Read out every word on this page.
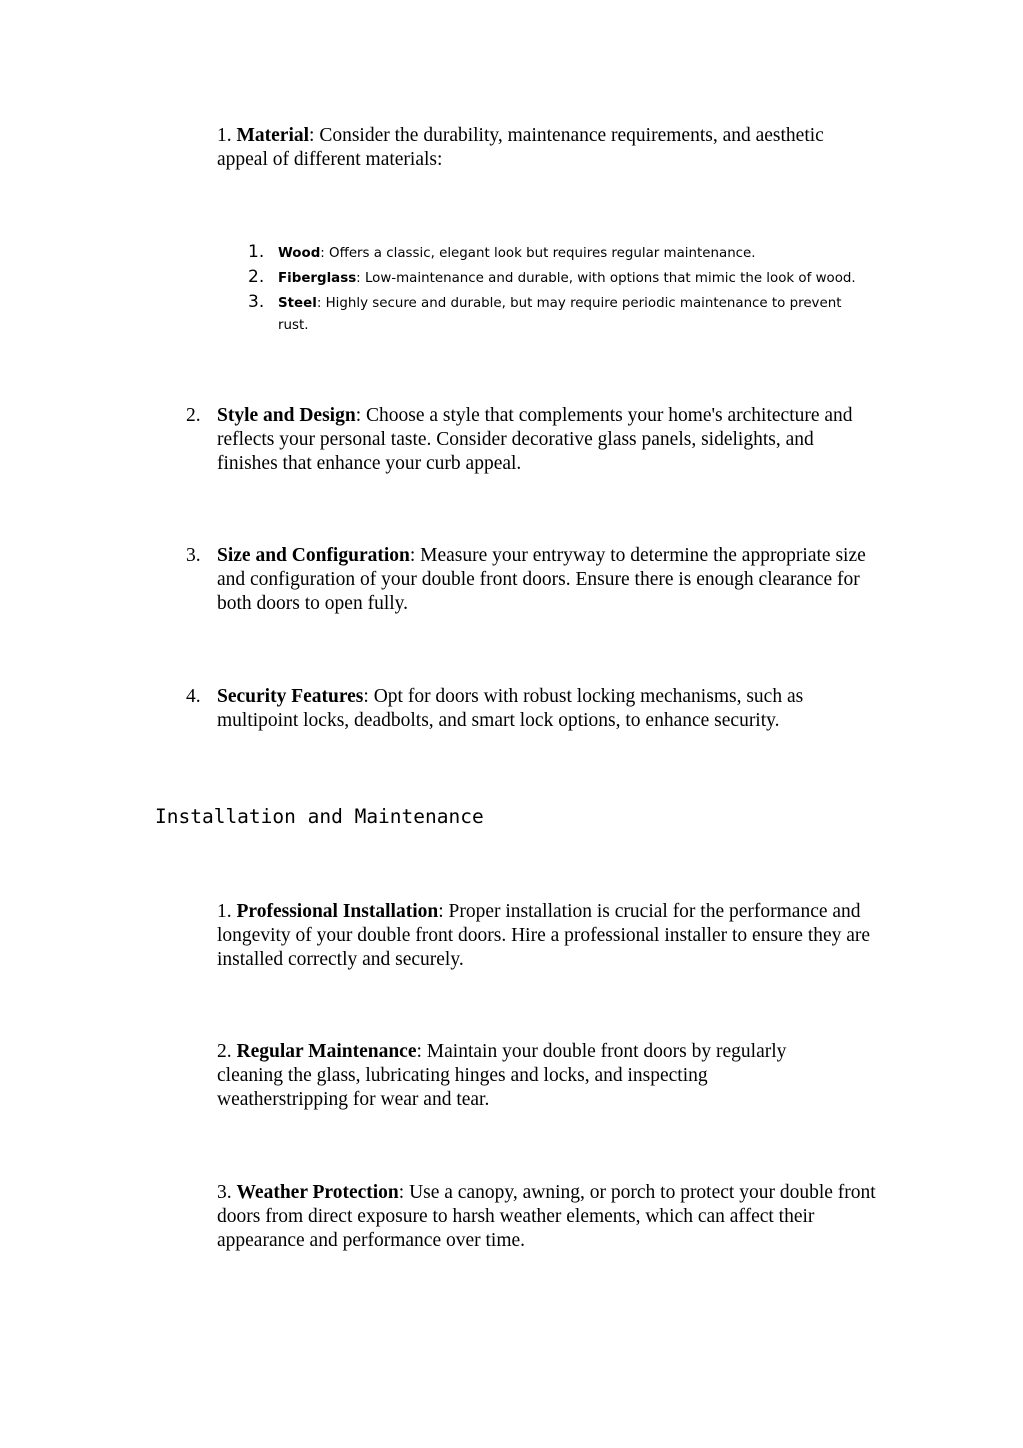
1. Material: Consider the durability, maintenance requirements, and aesthetic appeal of different materials:
1. Wood: Offers a classic, elegant look but requires regular maintenance.
2. Fiberglass: Low-maintenance and durable, with options that mimic the look of wood.
3. Steel: Highly secure and durable, but may require periodic maintenance to prevent rust.
2. Style and Design: Choose a style that complements your home's architecture and reflects your personal taste. Consider decorative glass panels, sidelights, and finishes that enhance your curb appeal.
3. Size and Configuration: Measure your entryway to determine the appropriate size and configuration of your double front doors. Ensure there is enough clearance for both doors to open fully.
4. Security Features: Opt for doors with robust locking mechanisms, such as multipoint locks, deadbolts, and smart lock options, to enhance security.
Installation and Maintenance
1. Professional Installation: Proper installation is crucial for the performance and longevity of your double front doors. Hire a professional installer to ensure they are installed correctly and securely.
2. Regular Maintenance: Maintain your double front doors by regularly cleaning the glass, lubricating hinges and locks, and inspecting weatherstripping for wear and tear.
3. Weather Protection: Use a canopy, awning, or porch to protect your double front doors from direct exposure to harsh weather elements, which can affect their appearance and performance over time.
